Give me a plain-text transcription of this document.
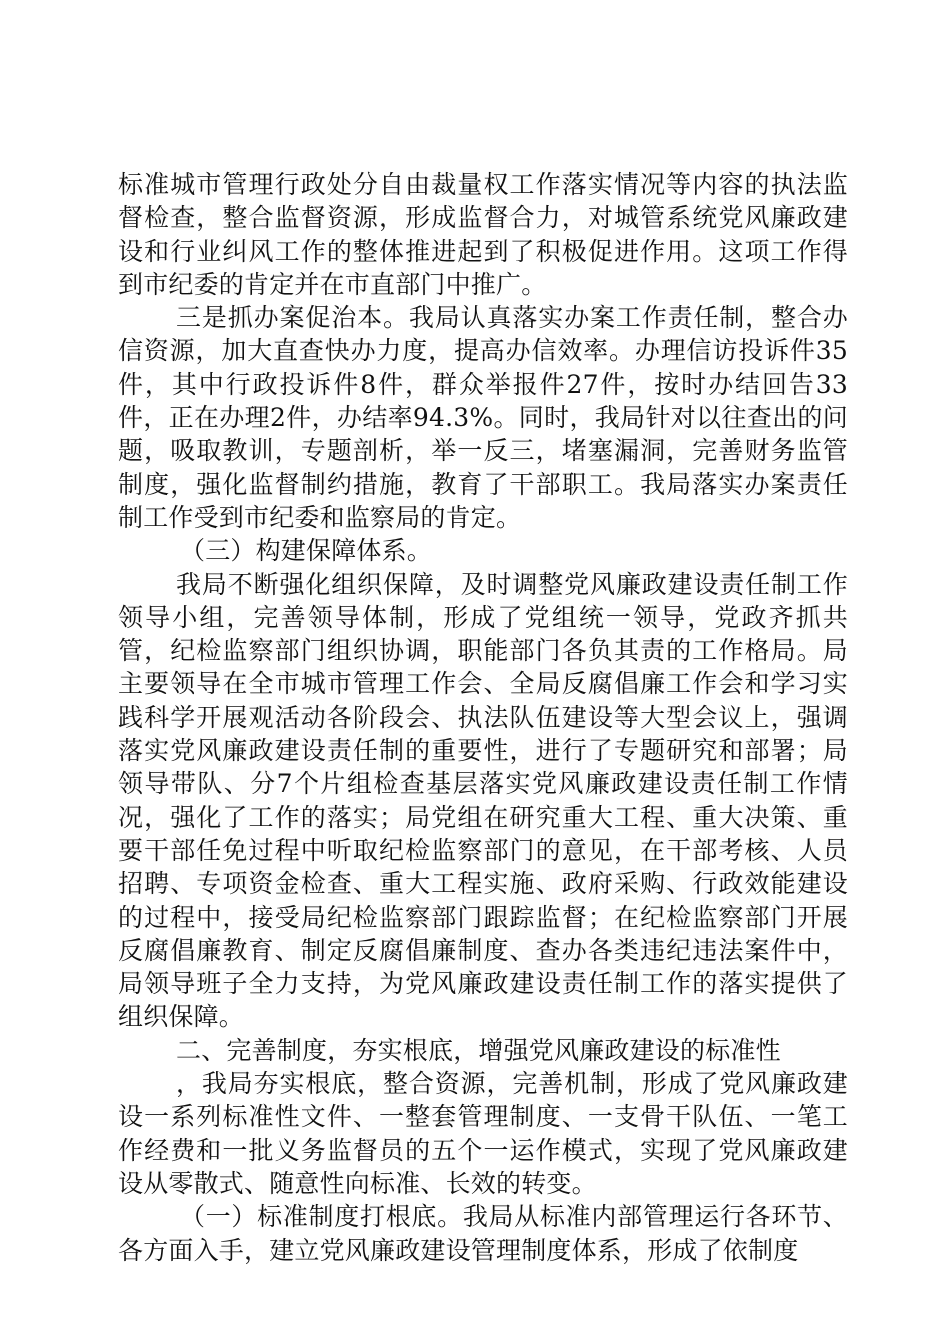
标准城市管理行政处分自由裁量权工作落实情况等内容的执法监督检查，整合监督资源，形成监督合力，对城管系统党风廉政建设和行业纠风工作的整体推进起到了积极促进作用。这项工作得到市纪委的肯定并在市直部门中推广。

三是抓办案促治本。我局认真落实办案工作责任制，整合办信资源，加大直查快办力度，提高办信效率。办理信访投诉件35件，其中行政投诉件8件，群众举报件27件，按时办结回告33件，正在办理2件，办结率94.3%。同时，我局针对以往查出的问题，吸取教训，专题剖析，举一反三，堵塞漏洞，完善财务监管制度，强化监督制约措施，教育了干部职工。我局落实办案责任制工作受到市纪委和监察局的肯定。

（三）构建保障体系。

我局不断强化组织保障，及时调整党风廉政建设责任制工作领导小组，完善领导体制，形成了党组统一领导，党政齐抓共管，纪检监察部门组织协调，职能部门各负其责的工作格局。局主要领导在全市城市管理工作会、全局反腐倡廉工作会和学习实践科学开展观活动各阶段会、执法队伍建设等大型会议上，强调落实党风廉政建设责任制的重要性，进行了专题研究和部署；局领导带队、分7个片组检查基层落实党风廉政建设责任制工作情况，强化了工作的落实；局党组在研究重大工程、重大决策、重要干部任免过程中听取纪检监察部门的意见，在干部考核、人员招聘、专项资金检查、重大工程实施、政府采购、行政效能建设的过程中，接受局纪检监察部门跟踪监督；在纪检监察部门开展反腐倡廉教育、制定反腐倡廉制度、查办各类违纪违法案件中，局领导班子全力支持，为党风廉政建设责任制工作的落实提供了组织保障。

二、完善制度，夯实根底，增强党风廉政建设的标准性

，我局夯实根底，整合资源，完善机制，形成了党风廉政建设一系列标准性文件、一整套管理制度、一支骨干队伍、一笔工作经费和一批义务监督员的五个一运作模式，实现了党风廉政建设从零散式、随意性向标准、长效的转变。

（一）标准制度打根底。我局从标准内部管理运行各环节、各方面入手，建立党风廉政建设管理制度体系，形成了依制度
